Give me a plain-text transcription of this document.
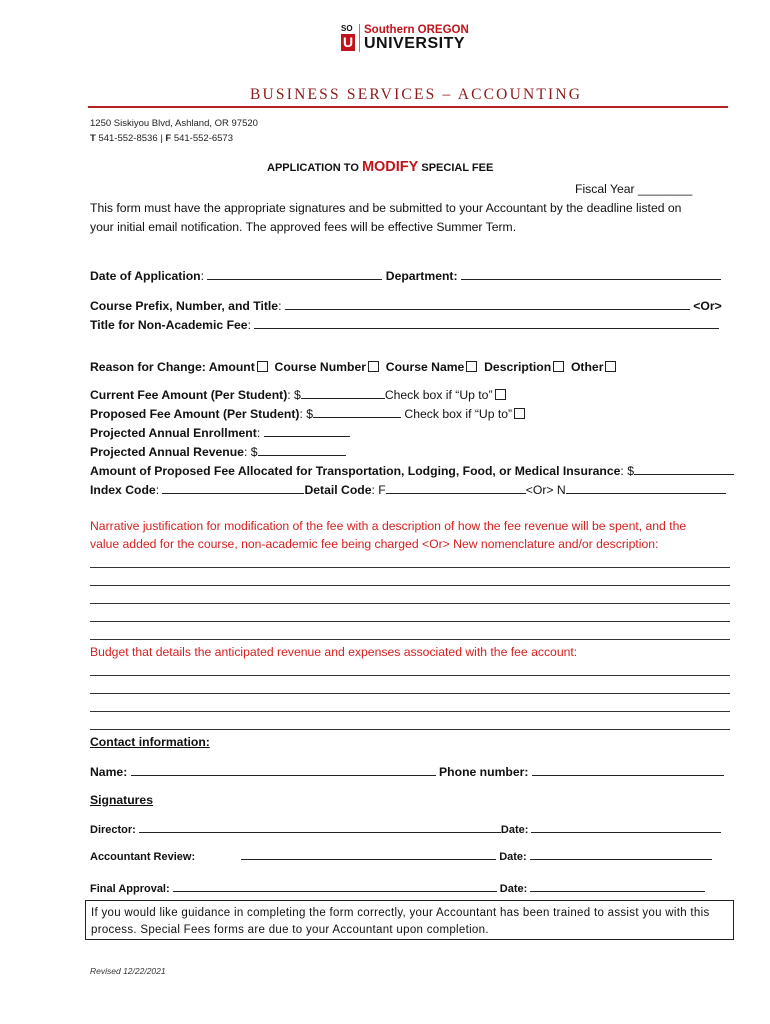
SO
U
Southern OREGON
UNIVERSITY
BUSINESS SERVICES – ACCOUNTING
1250 Siskiyou Blvd, Ashland, OR 97520
T 541-552-8536 | F 541-552-6573
APPLICATION TO MODIFY SPECIAL FEE
Fiscal Year ________
This form must have the appropriate signatures and be submitted to your Accountant by the deadline listed on
your initial email notification. The approved fees will be effective Summer Term.
Date of Application:	Department:
Course Prefix, Number, and Title:	<Or>
Title for Non-Academic Fee:
Reason for Change: Amount Course Number Course Name Description Other
Current Fee Amount (Per Student): $	Check box if “Up to”
Proposed Fee Amount (Per Student): $	Check box if “Up to”
Projected Annual Enrollment:
Projected Annual Revenue: $
Amount of Proposed Fee Allocated for Transportation, Lodging, Food, or Medical Insurance: $
Index Code:	Detail Code: F	<Or> N
Narrative justification for modification of the fee with a description of how the fee revenue will be spent, and the
value added for the course, non-academic fee being charged <Or> New nomenclature and/or description:
Budget that details the anticipated revenue and expenses associated with the fee account:
Contact information:
Name:	Phone number:
Signatures
Director:	Date:
Accountant Review:	Date:
Final Approval:	Date:
If you would like guidance in completing the form correctly, your Accountant has been trained to assist you with this process. Special Fees forms are due to your Accountant upon completion.
Revised 12/22/2021
